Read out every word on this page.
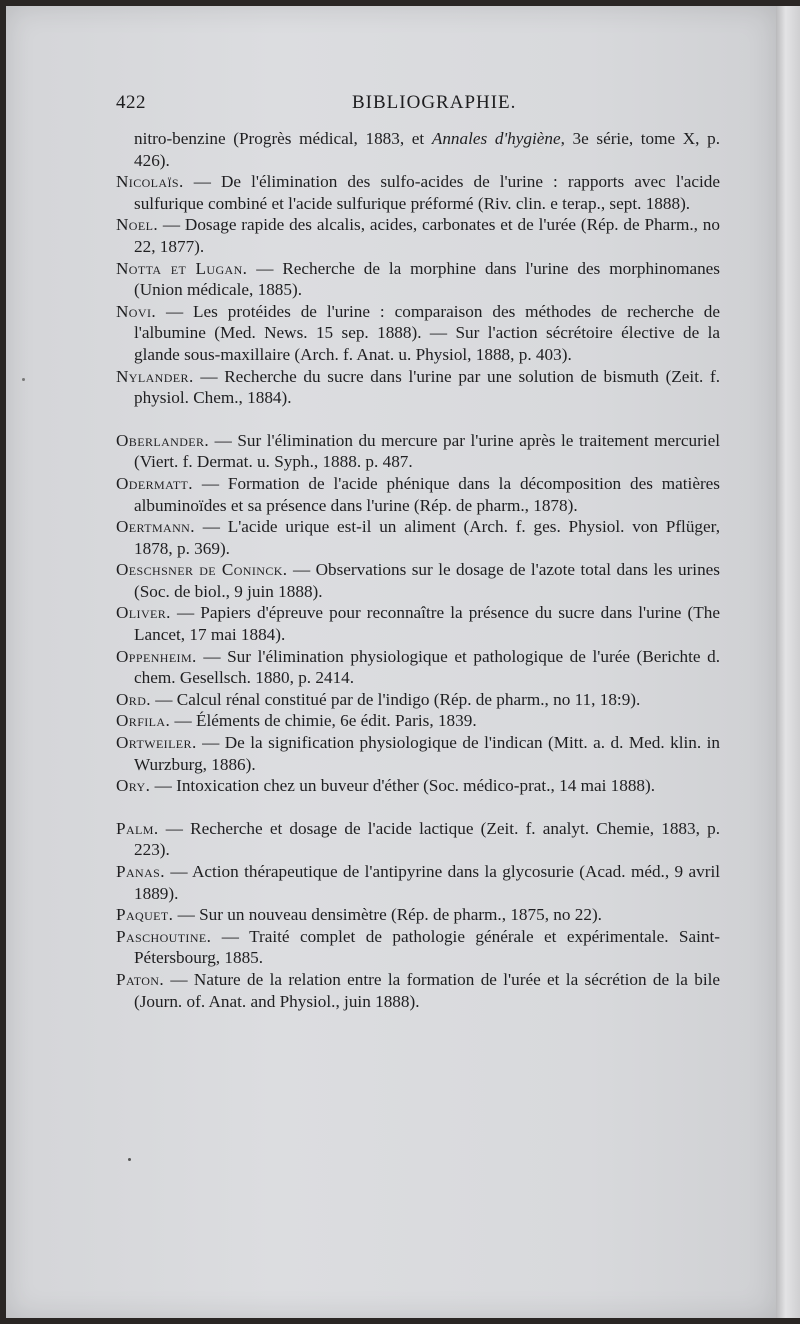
422	BIBLIOGRAPHIE.

nitro-benzine (Progrès médical, 1883, et Annales d'hygiène, 3e série, tome X, p. 426).

Nicolaïs. — De l'élimination des sulfo-acides de l'urine : rapports avec l'acide sulfurique combiné et l'acide sulfurique préformé (Riv. clin. e terap., sept. 1888).

Noel. — Dosage rapide des alcalis, acides, carbonates et de l'urée (Rép. de Pharm., no 22, 1877).

Notta et Lugan. — Recherche de la morphine dans l'urine des morphinomanes (Union médicale, 1885).

Novi. — Les protéides de l'urine : comparaison des méthodes de recherche de l'albumine (Med. News. 15 sep. 1888). — Sur l'action sécrétoire élective de la glande sous-maxillaire (Arch. f. Anat. u. Physiol, 1888, p. 403).

Nylander. — Recherche du sucre dans l'urine par une solution de bismuth (Zeit. f. physiol. Chem., 1884).

Oberlander. — Sur l'élimination du mercure par l'urine après le traitement mercuriel (Viert. f. Dermat. u. Syph., 1888. p. 487.

Odermatt. — Formation de l'acide phénique dans la décomposition des matières albuminoïdes et sa présence dans l'urine (Rép. de pharm., 1878).

Oertmann. — L'acide urique est-il un aliment (Arch. f. ges. Physiol. von Pflüger, 1878, p. 369).

Oeschsner de Coninck. — Observations sur le dosage de l'azote total dans les urines (Soc. de biol., 9 juin 1888).

Oliver. — Papiers d'épreuve pour reconnaître la présence du sucre dans l'urine (The Lancet, 17 mai 1884).

Oppenheim. — Sur l'élimination physiologique et pathologique de l'urée (Berichte d. chem. Gesellsch. 1880, p. 2414.

Ord. — Calcul rénal constitué par de l'indigo (Rép. de pharm., no 11, 18:9).

Orfila. — Éléments de chimie, 6e édit. Paris, 1839.

Ortweiler. — De la signification physiologique de l'indican (Mitt. a. d. Med. klin. in Wurzburg, 1886).

Ory. — Intoxication chez un buveur d'éther (Soc. médico-prat., 14 mai 1888).

Palm. — Recherche et dosage de l'acide lactique (Zeit. f. analyt. Chemie, 1883, p. 223).

Panas. — Action thérapeutique de l'antipyrine dans la glycosurie (Acad. méd., 9 avril 1889).

Paquet. — Sur un nouveau densimètre (Rép. de pharm., 1875, no 22).

Paschoutine. — Traité complet de pathologie générale et expérimentale. Saint-Pétersbourg, 1885.

Paton. — Nature de la relation entre la formation de l'urée et la sécrétion de la bile (Journ. of. Anat. and Physiol., juin 1888).
